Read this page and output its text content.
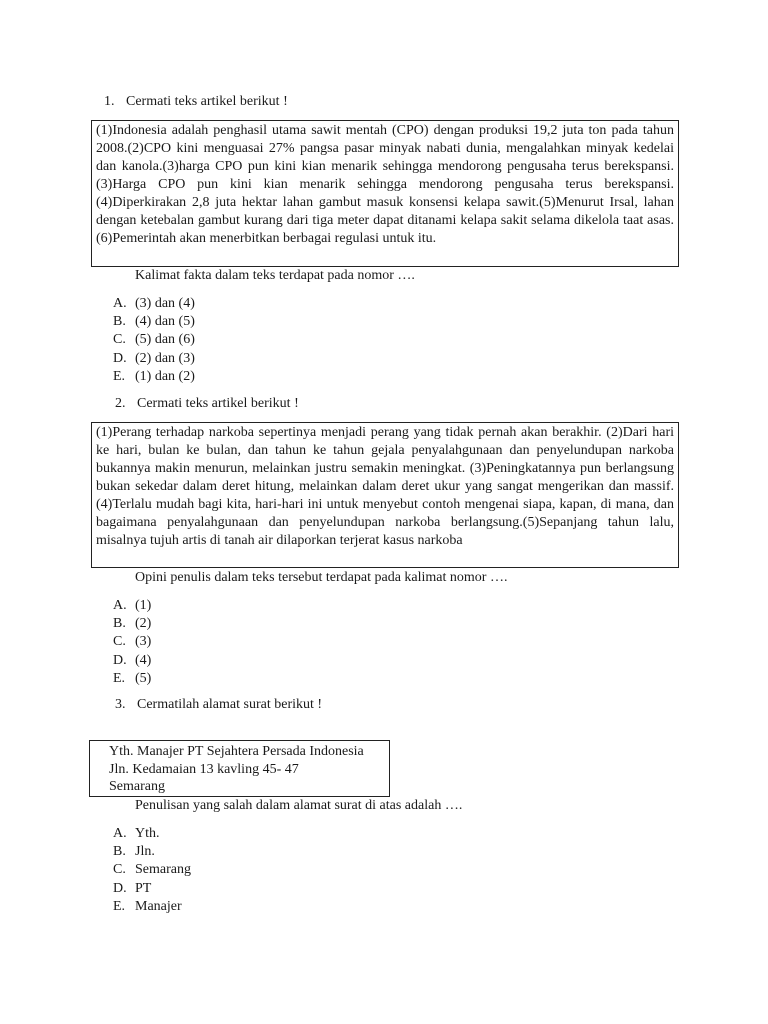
1. Cermati teks artikel berikut !
(1)Indonesia adalah penghasil utama sawit mentah (CPO) dengan produksi 19,2 juta ton pada tahun 2008.(2)CPO kini menguasai 27% pangsa pasar minyak nabati dunia, mengalahkan minyak kedelai dan kanola.(3)harga CPO pun kini kian menarik sehingga mendorong pengusaha terus berekspansi.(3)Harga CPO pun kini kian menarik sehingga mendorong pengusaha terus berekspansi.(4)Diperkirakan 2,8 juta hektar lahan gambut masuk konsensi kelapa sawit.(5)Menurut Irsal, lahan dengan ketebalan gambut kurang dari tiga meter dapat ditanami kelapa sakit selama dikelola taat asas.(6)Pemerintah akan menerbitkan berbagai regulasi untuk itu.
Kalimat fakta dalam teks terdapat pada nomor ….
A. (3) dan (4)
B. (4) dan (5)
C. (5) dan (6)
D. (2) dan (3)
E. (1) dan (2)
2. Cermati teks artikel berikut !
(1)Perang terhadap narkoba sepertinya menjadi perang yang tidak pernah akan berakhir. (2)Dari hari ke hari, bulan ke bulan, dan tahun ke tahun gejala penyalahgunaan dan penyelundupan narkoba bukannya makin menurun, melainkan justru semakin meningkat. (3)Peningkatannya pun berlangsung bukan sekedar dalam deret hitung, melainkan dalam deret ukur yang sangat mengerikan dan massif.(4)Terlalu mudah bagi kita, hari-hari ini untuk menyebut contoh mengenai siapa, kapan, di mana, dan bagaimana penyalahgunaan dan penyelundupan narkoba berlangsung.(5)Sepanjang tahun lalu, misalnya tujuh artis di tanah air dilaporkan terjerat kasus narkoba
Opini penulis dalam teks tersebut terdapat pada kalimat nomor ….
A. (1)
B. (2)
C. (3)
D. (4)
E. (5)
3. Cermatilah alamat surat berikut !
Yth. Manajer PT Sejahtera Persada Indonesia
Jln. Kedamaian 13 kavling 45- 47
Semarang
Penulisan yang salah dalam alamat surat di atas adalah ….
A. Yth.
B. Jln.
C. Semarang
D. PT
E. Manajer
